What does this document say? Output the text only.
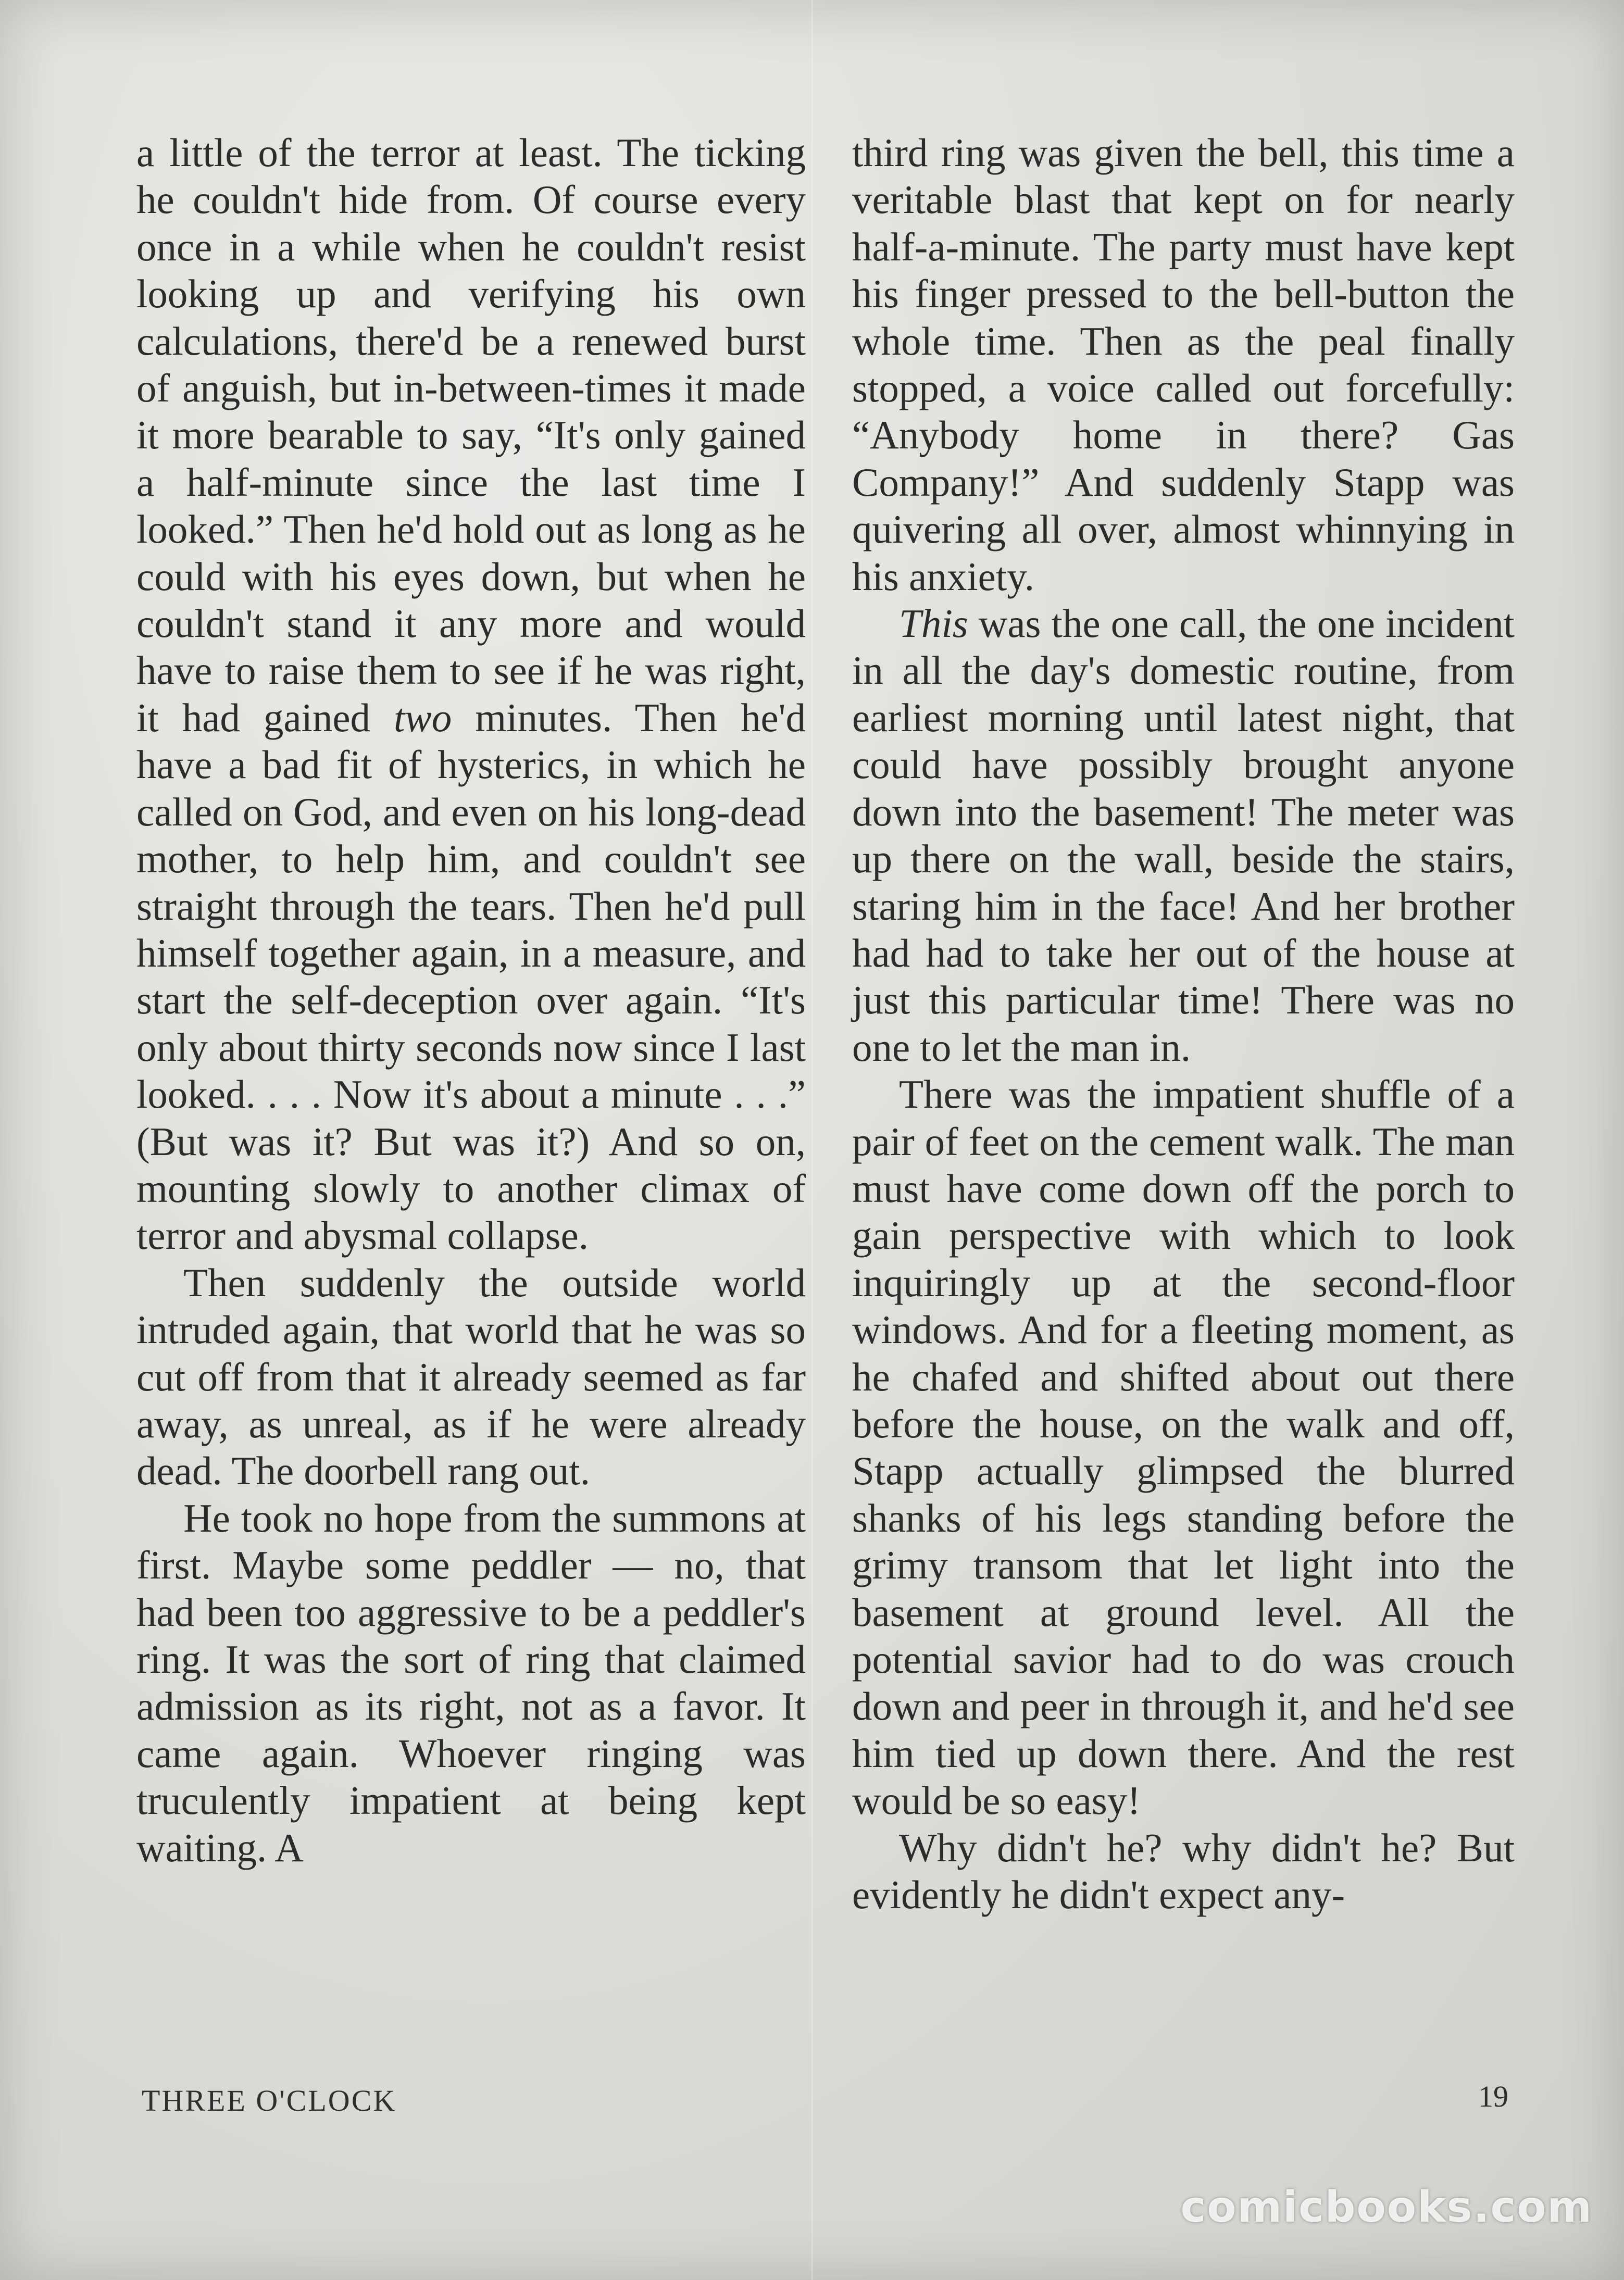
a little of the terror at least. The ticking he couldn't hide from. Of course every once in a while when he couldn't resist looking up and verifying his own calculations, there'd be a renewed burst of anguish, but in-between-times it made it more bearable to say, “It's only gained a half-minute since the last time I looked.” Then he'd hold out as long as he could with his eyes down, but when he couldn't stand it any more and would have to raise them to see if he was right, it had gained two minutes. Then he'd have a bad fit of hysterics, in which he called on God, and even on his long-dead mother, to help him, and couldn't see straight through the tears. Then he'd pull himself together again, in a measure, and start the self-deception over again. “It's only about thirty seconds now since I last looked. . . . Now it's about a minute . . .” (But was it? But was it?) And so on, mounting slowly to another climax of terror and abysmal collapse.

Then suddenly the outside world intruded again, that world that he was so cut off from that it already seemed as far away, as unreal, as if he were already dead. The doorbell rang out.

He took no hope from the summons at first. Maybe some peddler — no, that had been too aggressive to be a peddler's ring. It was the sort of ring that claimed admission as its right, not as a favor. It came again. Whoever ringing was truculently impatient at being kept waiting. A

third ring was given the bell, this time a veritable blast that kept on for nearly half-a-minute. The party must have kept his finger pressed to the bell-button the whole time. Then as the peal finally stopped, a voice called out forcefully: “Anybody home in there? Gas Company!” And suddenly Stapp was quivering all over, almost whinnying in his anxiety.

This was the one call, the one incident in all the day's domestic routine, from earliest morning until latest night, that could have possibly brought anyone down into the basement! The meter was up there on the wall, beside the stairs, staring him in the face! And her brother had had to take her out of the house at just this particular time! There was no one to let the man in.

There was the impatient shuffle of a pair of feet on the cement walk. The man must have come down off the porch to gain perspective with which to look inquiringly up at the second-floor windows. And for a fleeting moment, as he chafed and shifted about out there before the house, on the walk and off, Stapp actually glimpsed the blurred shanks of his legs standing before the grimy transom that let light into the basement at ground level. All the potential savior had to do was crouch down and peer in through it, and he'd see him tied up down there. And the rest would be so easy!

Why didn't he? why didn't he? But evidently he didn't expect any-

THREE O'CLOCK	19
comicbooks.com
